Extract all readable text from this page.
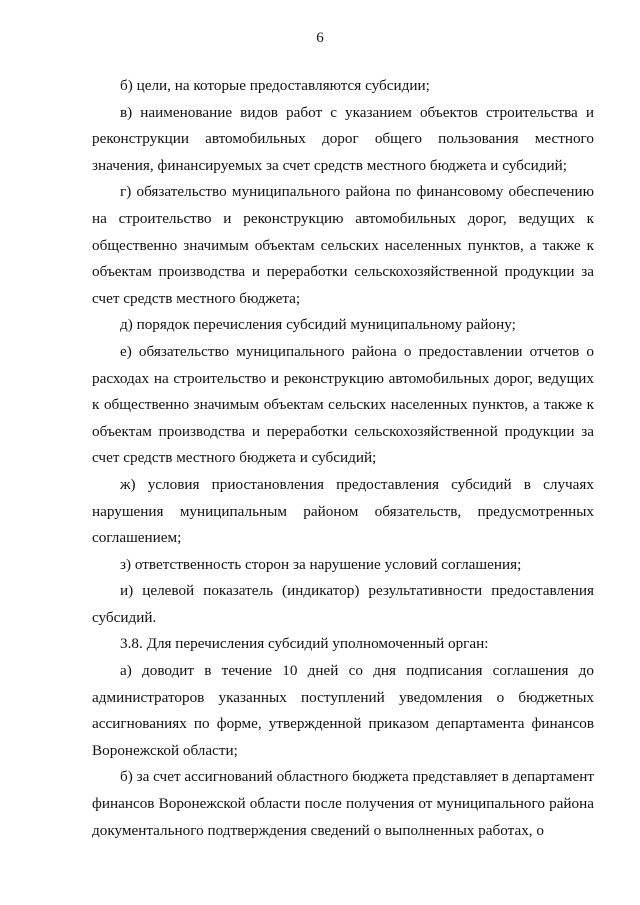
6
б) цели, на которые предоставляются субсидии;
в) наименование видов работ с указанием объектов строительства и
реконструкции автомобильных дорог общего пользования местного
значения, финансируемых за счет средств местного бюджета и субсидий;
г) обязательство муниципального района по финансовому обеспечению
на строительство и реконструкцию автомобильных дорог, ведущих к
общественно значимым объектам сельских населенных пунктов, а также к
объектам производства и переработки сельскохозяйственной продукции за
счет средств местного бюджета;
д) порядок перечисления субсидий муниципальному району;
е) обязательство муниципального района о предоставлении отчетов о
расходах на строительство и реконструкцию автомобильных дорог, ведущих
к общественно значимым объектам сельских населенных пунктов, а также к
объектам производства и переработки сельскохозяйственной продукции за
счет средств местного бюджета и субсидий;
ж) условия приостановления предоставления субсидий в случаях
нарушения муниципальным районом обязательств, предусмотренных
соглашением;
з) ответственность сторон за нарушение условий соглашения;
и) целевой показатель (индикатор) результативности предоставления
субсидий.
3.8. Для перечисления субсидий уполномоченный орган:
а) доводит в течение 10 дней со дня подписания соглашения до
администраторов указанных поступлений уведомления о бюджетных
ассигнованиях по форме, утвержденной приказом департамента финансов
Воронежской области;
б) за счет ассигнований областного бюджета представляет в департамент
финансов Воронежской области после получения от муниципального района
документального подтверждения сведений о выполненных работах, о
